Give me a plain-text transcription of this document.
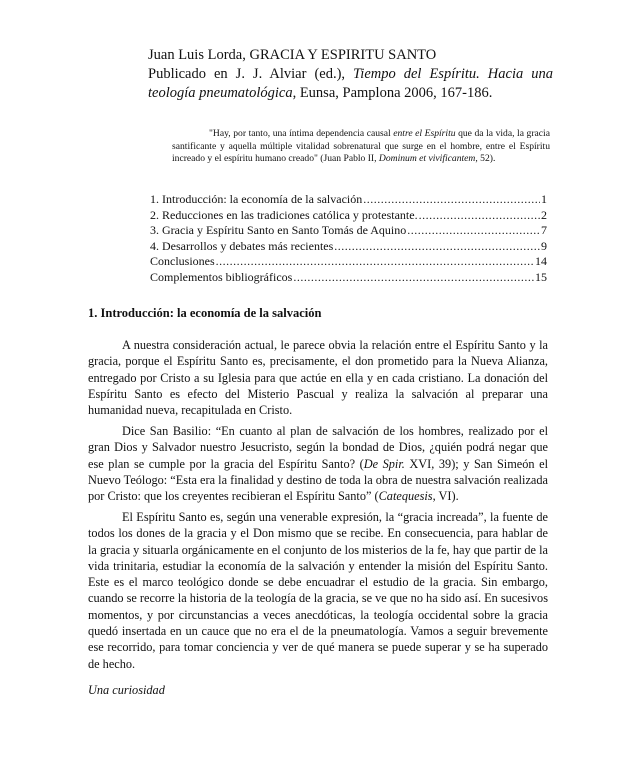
Juan Luis Lorda, GRACIA Y ESPIRITU SANTO
Publicado en J. J. Alviar (ed.), Tiempo del Espíritu. Hacia una
teología pneumatológica, Eunsa, Pamplona 2006, 167-186.
"Hay, por tanto, una íntima dependencia causal entre el Espíritu que da la vida, la gracia santificante y aquella múltiple vitalidad sobrenatural que surge en el hombre, entre el Espíritu increado y el espíritu humano creado" (Juan Pablo II, Dominum et vivificantem, 52).
1. Introducción: la economía de la salvación .....	1
2. Reducciones en las tradiciones católica y protestante. .....	2
3. Gracia y Espíritu Santo en Santo Tomás de Aquino .....	7
4. Desarrollos y debates más recientes .....	9
Conclusiones .....	14
Complementos bibliográficos .....	15
1. Introducción: la economía de la salvación

A nuestra consideración actual, le parece obvia la relación entre el Espíritu Santo y la gracia, porque el Espíritu Santo es, precisamente, el don prometido para la Nueva Alianza, entregado por Cristo a su Iglesia para que actúe en ella y en cada cristiano. La donación del Espíritu Santo es efecto del Misterio Pascual y realiza la salvación al preparar una humanidad nueva, recapitulada en Cristo.

Dice San Basilio: “En cuanto al plan de salvación de los hombres, realizado por el gran Dios y Salvador nuestro Jesucristo, según la bondad de Dios, ¿quién podrá negar que ese plan se cumple por la gracia del Espíritu Santo? (De Spir. XVI, 39); y San Simeón el Nuevo Teólogo: “Esta era la finalidad y destino de toda la obra de nuestra salvación realizada por Cristo: que los creyentes recibieran el Espíritu Santo” (Catequesis, VI).

El Espíritu Santo es, según una venerable expresión, la “gracia increada”, la fuente de todos los dones de la gracia y el Don mismo que se recibe. En consecuencia, para hablar de la gracia y situarla orgánicamente en el conjunto de los misterios de la fe, hay que partir de la vida trinitaria, estudiar la economía de la salvación y entender la misión del Espíritu Santo. Este es el marco teológico donde se debe encuadrar el estudio de la gracia. Sin embargo, cuando se recorre la historia de la teología de la gracia, se ve que no ha sido así. En sucesivos momentos, y por circunstancias a veces anecdóticas, la teología occidental sobre la gracia quedó insertada en un cauce que no era el de la pneumatología. Vamos a seguir brevemente ese recorrido, para tomar conciencia y ver de qué manera se puede superar y se ha superado de hecho.

Una curiosidad
